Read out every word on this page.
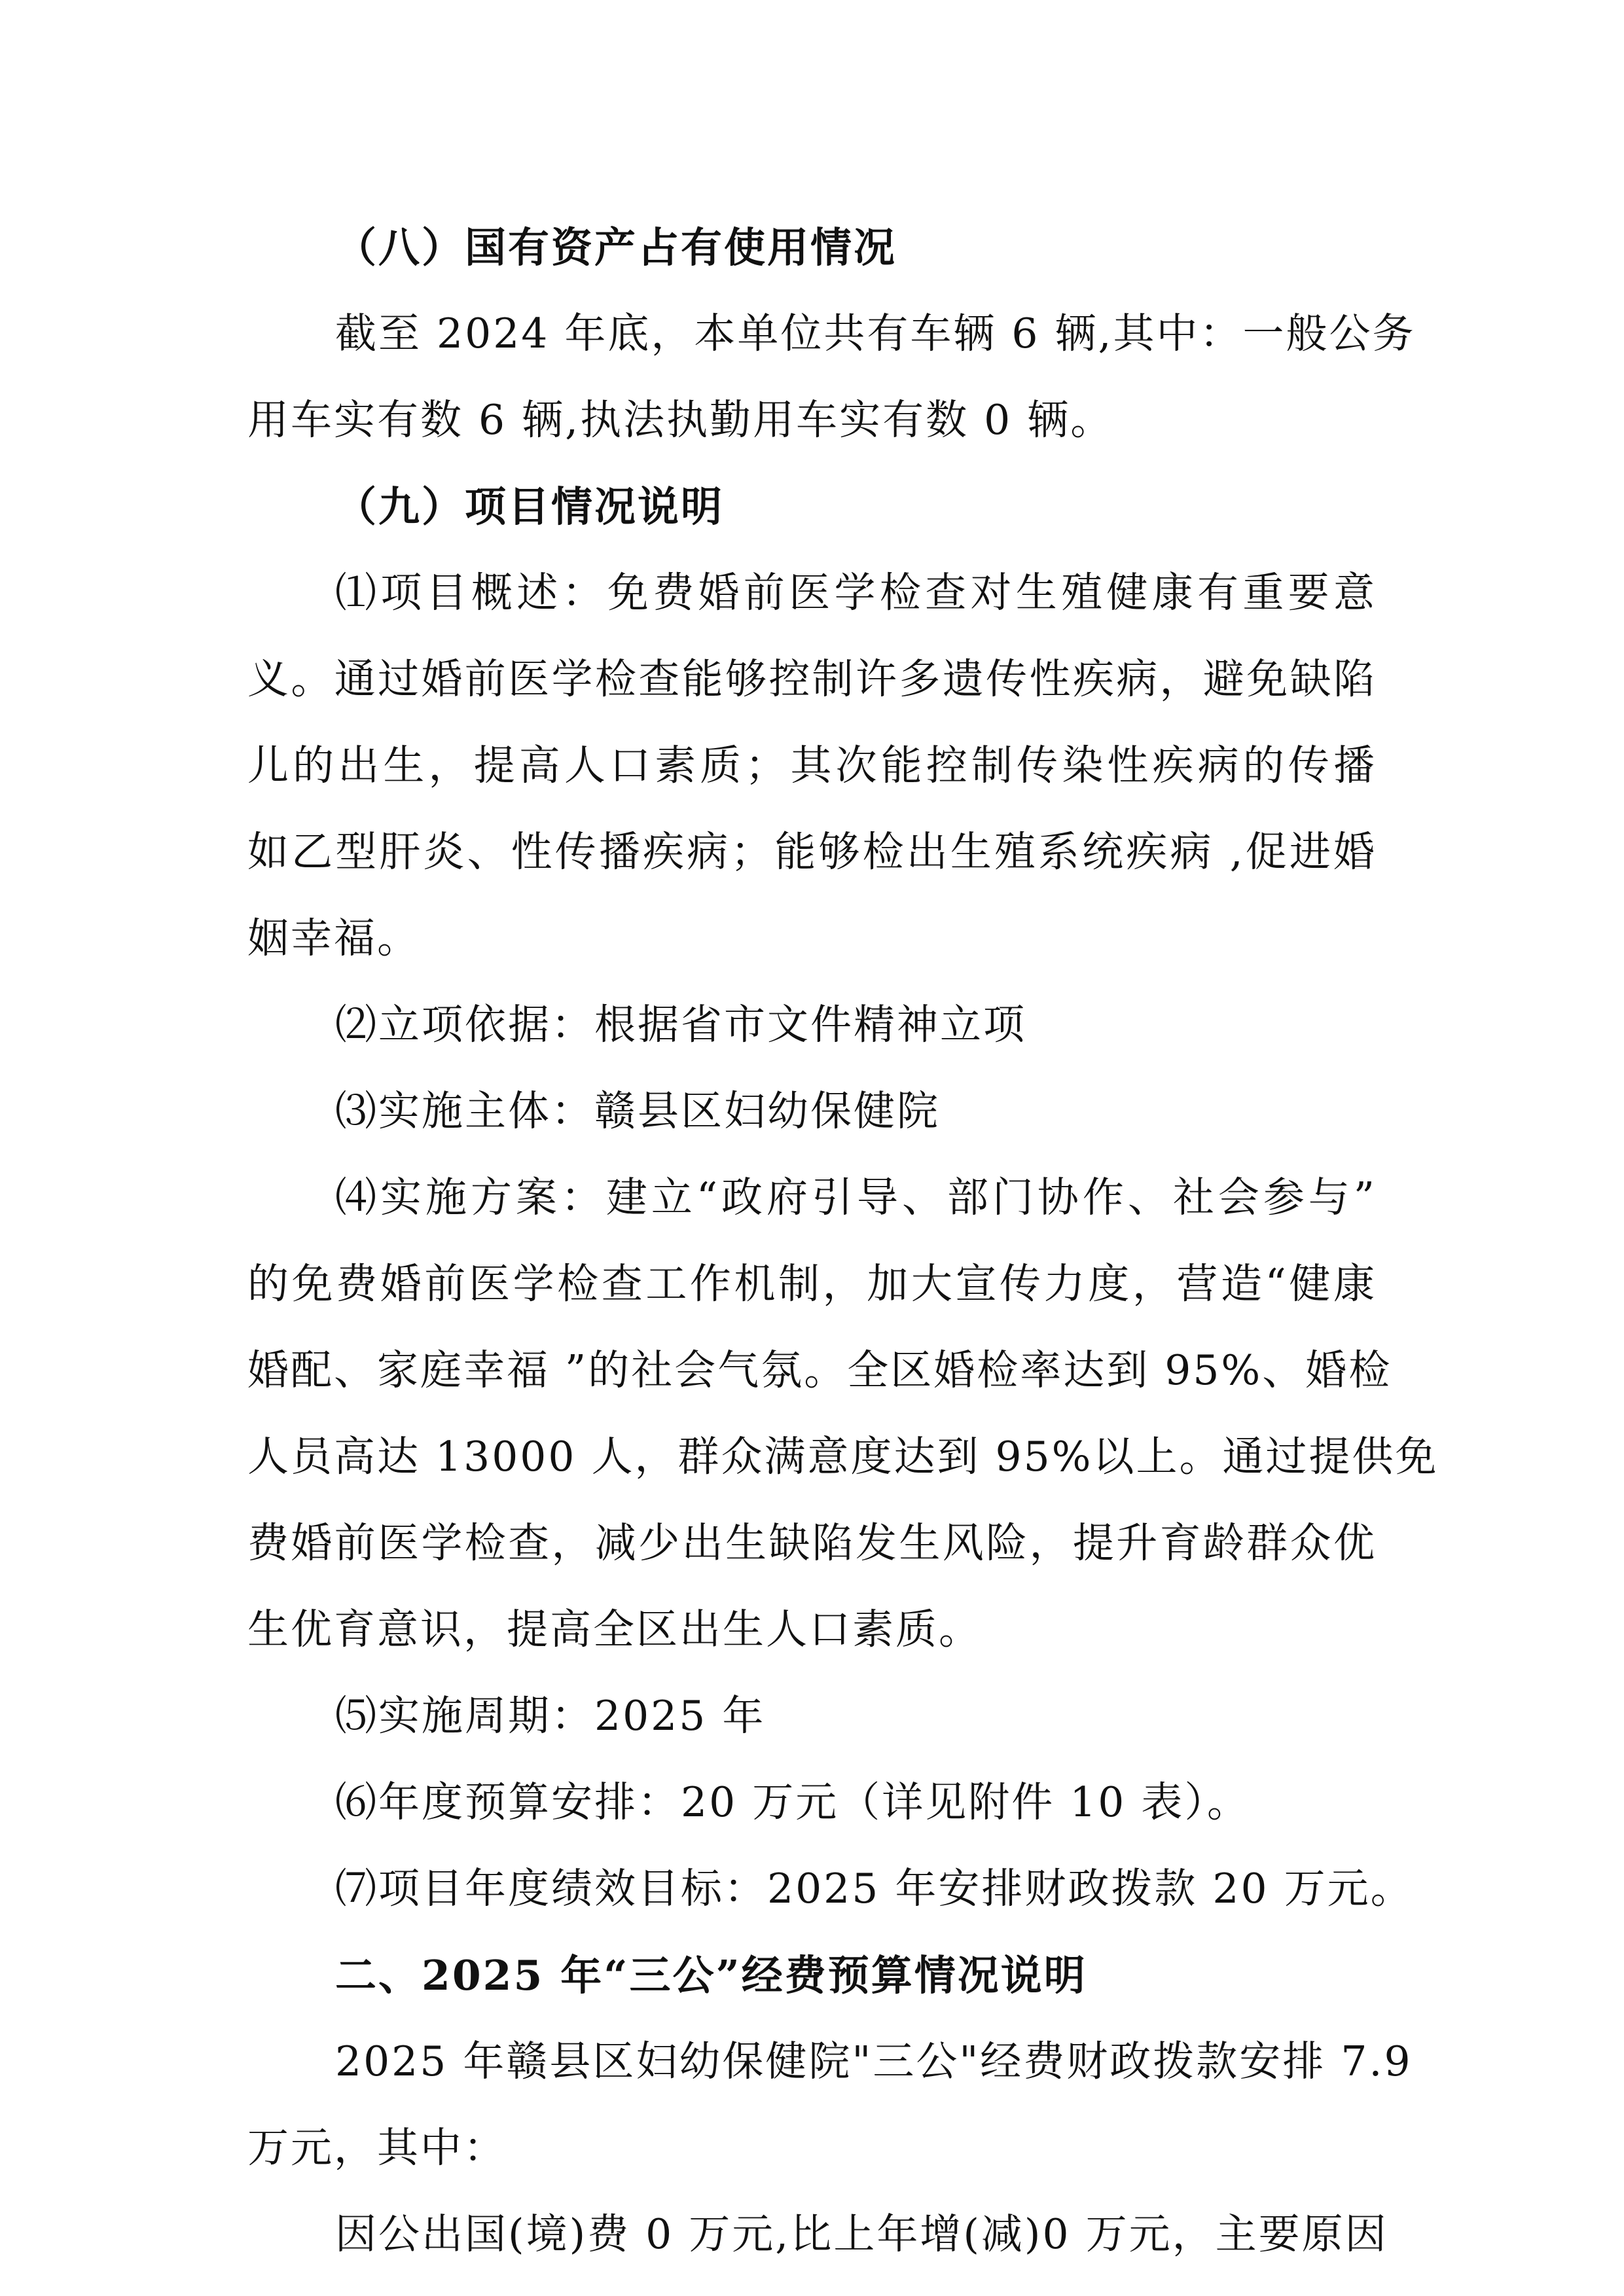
（八）国有资产占有使用情况
截至 2024 年底，本单位共有车辆 6 辆,其中：一般公务
用车实有数 6 辆,执法执勤用车实有数 0 辆。
（九）项目情况说明
⑴项目概述：免费婚前医学检查对生殖健康有重要意
义。通过婚前医学检查能够控制许多遗传性疾病，避免缺陷
儿的出生，提高人口素质；其次能控制传染性疾病的传播
如乙型肝炎、性传播疾病；能够检出生殖系统疾病 ,促进婚
姻幸福。
⑵立项依据：根据省市文件精神立项
⑶实施主体：赣县区妇幼保健院
⑷实施方案：建立“政府引导、部门协作、社会参与”
的免费婚前医学检查工作机制，加大宣传力度，营造“健康
婚配、家庭幸福 ”的社会气氛。全区婚检率达到 95%、婚检
人员高达 13000 人，群众满意度达到 95%以上。通过提供免
费婚前医学检查，减少出生缺陷发生风险，提升育龄群众优
生优育意识，提高全区出生人口素质。
⑸实施周期：2025 年
⑹年度预算安排：20 万元（详见附件 10 表）。
⑺项目年度绩效目标：2025 年安排财政拨款 20 万元。
二、2025 年“三公”经费预算情况说明
2025 年赣县区妇幼保健院"三公"经费财政拨款安排 7.9
万元，其中：
因公出国(境)费 0 万元,比上年增(减)0 万元，主要原因
